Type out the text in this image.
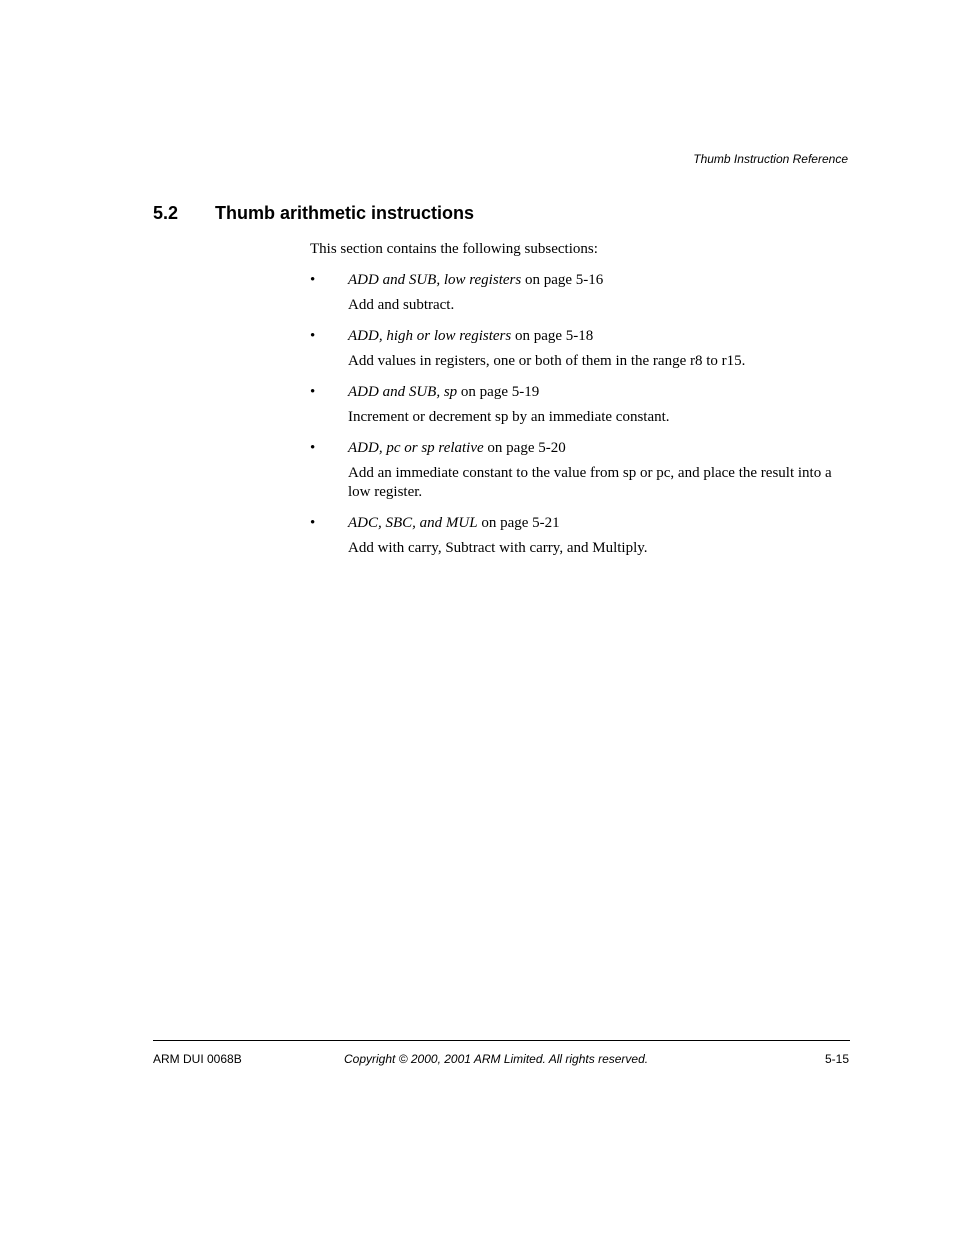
Thumb Instruction Reference
5.2 Thumb arithmetic instructions

This section contains the following subsections:

• ADD and SUB, low registers on page 5-16

Add and subtract.

• ADD, high or low registers on page 5-18

Add values in registers, one or both of them in the range r8 to r15.

• ADD and SUB, sp on page 5-19

Increment or decrement sp by an immediate constant.

• ADD, pc or sp relative on page 5-20

Add an immediate constant to the value from sp or pc, and place the result into a low register.

• ADC, SBC, and MUL on page 5-21

Add with carry, Subtract with carry, and Multiply.

ARM DUI 0068B	Copyright © 2000, 2001 ARM Limited. All rights reserved.	5-15
